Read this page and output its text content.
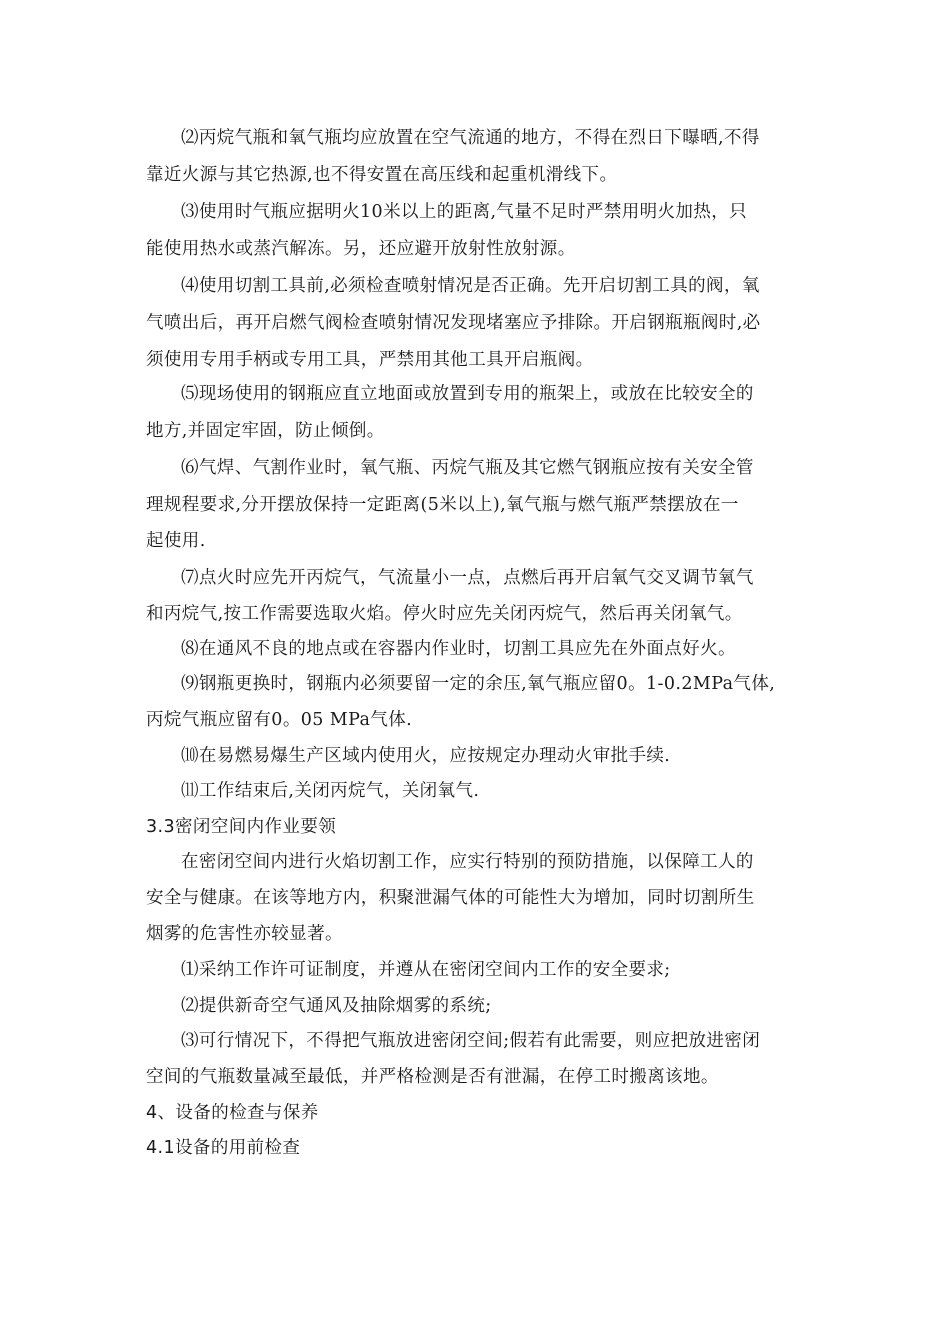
⑵丙烷气瓶和氧气瓶均应放置在空气流通的地方，不得在烈日下曝晒,不得
靠近火源与其它热源,也不得安置在高压线和起重机滑线下。
⑶使用时气瓶应据明火10米以上的距离,气量不足时严禁用明火加热，只
能使用热水或蒸汽解冻。另，还应避开放射性放射源。
⑷使用切割工具前,必须检查喷射情况是否正确。先开启切割工具的阀，氧
气喷出后，再开启燃气阀检查喷射情况发现堵塞应予排除。开启钢瓶瓶阀时,必
须使用专用手柄或专用工具，严禁用其他工具开启瓶阀。
⑸现场使用的钢瓶应直立地面或放置到专用的瓶架上，或放在比较安全的
地方,并固定牢固，防止倾倒。
⑹气焊、气割作业时，氧气瓶、丙烷气瓶及其它燃气钢瓶应按有关安全管
理规程要求,分开摆放保持一定距离(5米以上),氧气瓶与燃气瓶严禁摆放在一
起使用.
⑺点火时应先开丙烷气，气流量小一点，点燃后再开启氧气交叉调节氧气
和丙烷气,按工作需要选取火焰。停火时应先关闭丙烷气，然后再关闭氧气。
⑻在通风不良的地点或在容器内作业时，切割工具应先在外面点好火。
⑼钢瓶更换时，钢瓶内必须要留一定的余压,氧气瓶应留0。1-0.2MPa气体,
丙烷气瓶应留有0。05 MPa气体.
⑽在易燃易爆生产区域内使用火，应按规定办理动火审批手续.
⑾工作结束后,关闭丙烷气，关闭氧气.
3.3密闭空间内作业要领
在密闭空间内进行火焰切割工作，应实行特别的预防措施，以保障工人的
安全与健康。在该等地方内，积聚泄漏气体的可能性大为增加，同时切割所生
烟雾的危害性亦较显著。
⑴采纳工作许可证制度，并遵从在密闭空间内工作的安全要求;
⑵提供新奇空气通风及抽除烟雾的系统;
⑶可行情况下，不得把气瓶放进密闭空间;假若有此需要，则应把放进密闭
空间的气瓶数量减至最低，并严格检测是否有泄漏，在停工时搬离该地。
4、设备的检查与保养
4.1设备的用前检查
